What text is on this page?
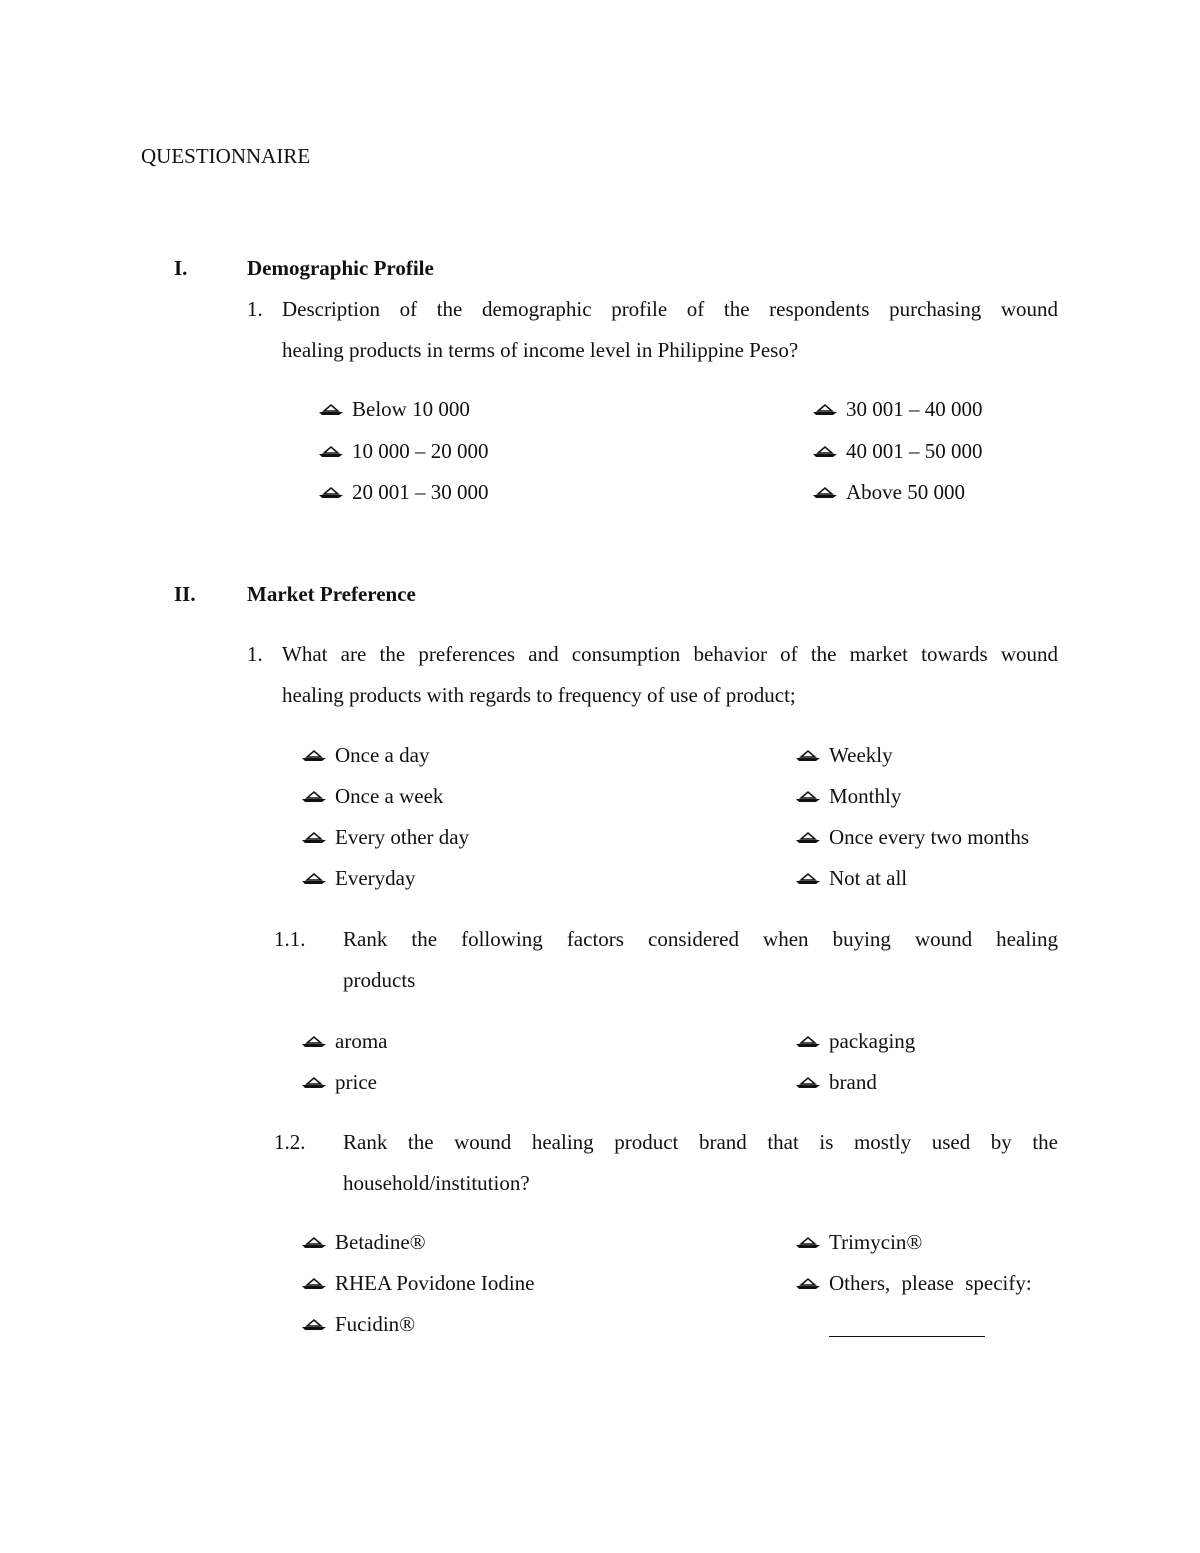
QUESTIONNAIRE
I.	Demographic Profile
1. Description of the demographic profile of the respondents purchasing wound
healing products in terms of income level in Philippine Peso?
Below 10 000
10 000 – 20 000
20 001 – 30 000
30 001 – 40 000
40 001 – 50 000
Above 50 000
II. Market Preference
1. What are the preferences and consumption behavior of the market towards wound
healing products with regards to frequency of use of product;
Once a day
Once a week
Every other day
Everyday
Weekly
Monthly
Once every two months
Not at all
1.1. Rank the following factors considered when buying wound healing
products
aroma
price
packaging
brand
1.2. Rank the wound healing product brand that is mostly used by the
household/institution?
Betadine®
RHEA Povidone Iodine
Fucidin®
Trimycin®
Others, please specify:
